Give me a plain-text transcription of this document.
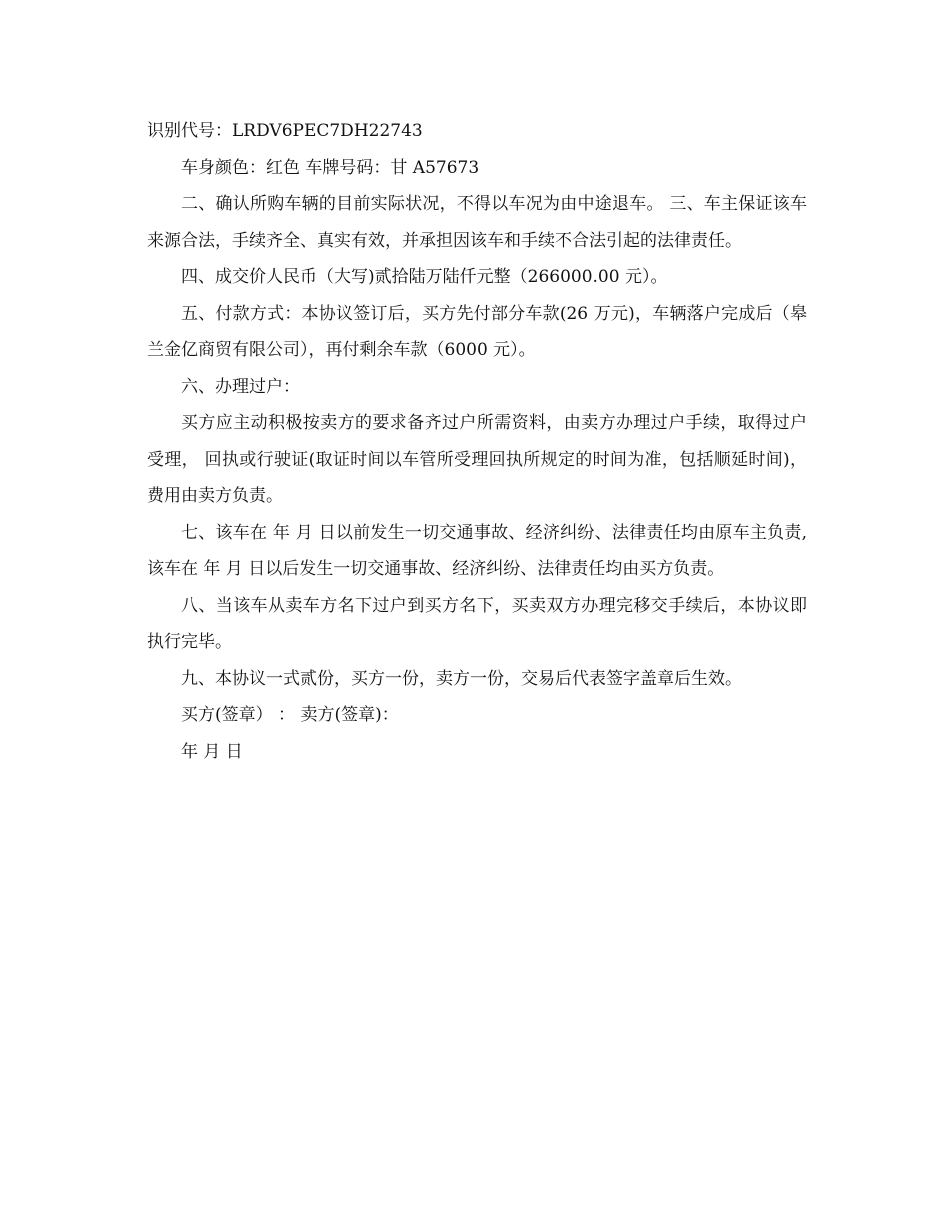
识别代号：LRDV6PEC7DH22743

车身颜色：红色 车牌号码：甘 A57673

二、确认所购车辆的目前实际状况，不得以车况为由中途退车。 三、车主保证该车来源合法，手续齐全、真实有效，并承担因该车和手续不合法引起的法律责任。

四、成交价人民币（大写)贰拾陆万陆仟元整（266000.00 元）。

五、付款方式：本协议签订后，买方先付部分车款(26 万元)，车辆落户完成后（皋兰金亿商贸有限公司），再付剩余车款（6000 元）。

六、办理过户：

买方应主动积极按卖方的要求备齐过户所需资料，由卖方办理过户手续，取得过户受理， 回执或行驶证(取证时间以车管所受理回执所规定的时间为准，包括顺延时间)，费用由卖方负责。

七、该车在 年 月 日以前发生一切交通事故、经济纠纷、法律责任均由原车主负责, 该车在 年 月 日以后发生一切交通事故、经济纠纷、法律责任均由买方负责。

八、当该车从卖车方名下过户到买方名下，买卖双方办理完移交手续后，本协议即执行完毕。

九、本协议一式贰份，买方一份，卖方一份，交易后代表签字盖章后生效。

买方(签章） ： 卖方(签章)：

年 月 日
